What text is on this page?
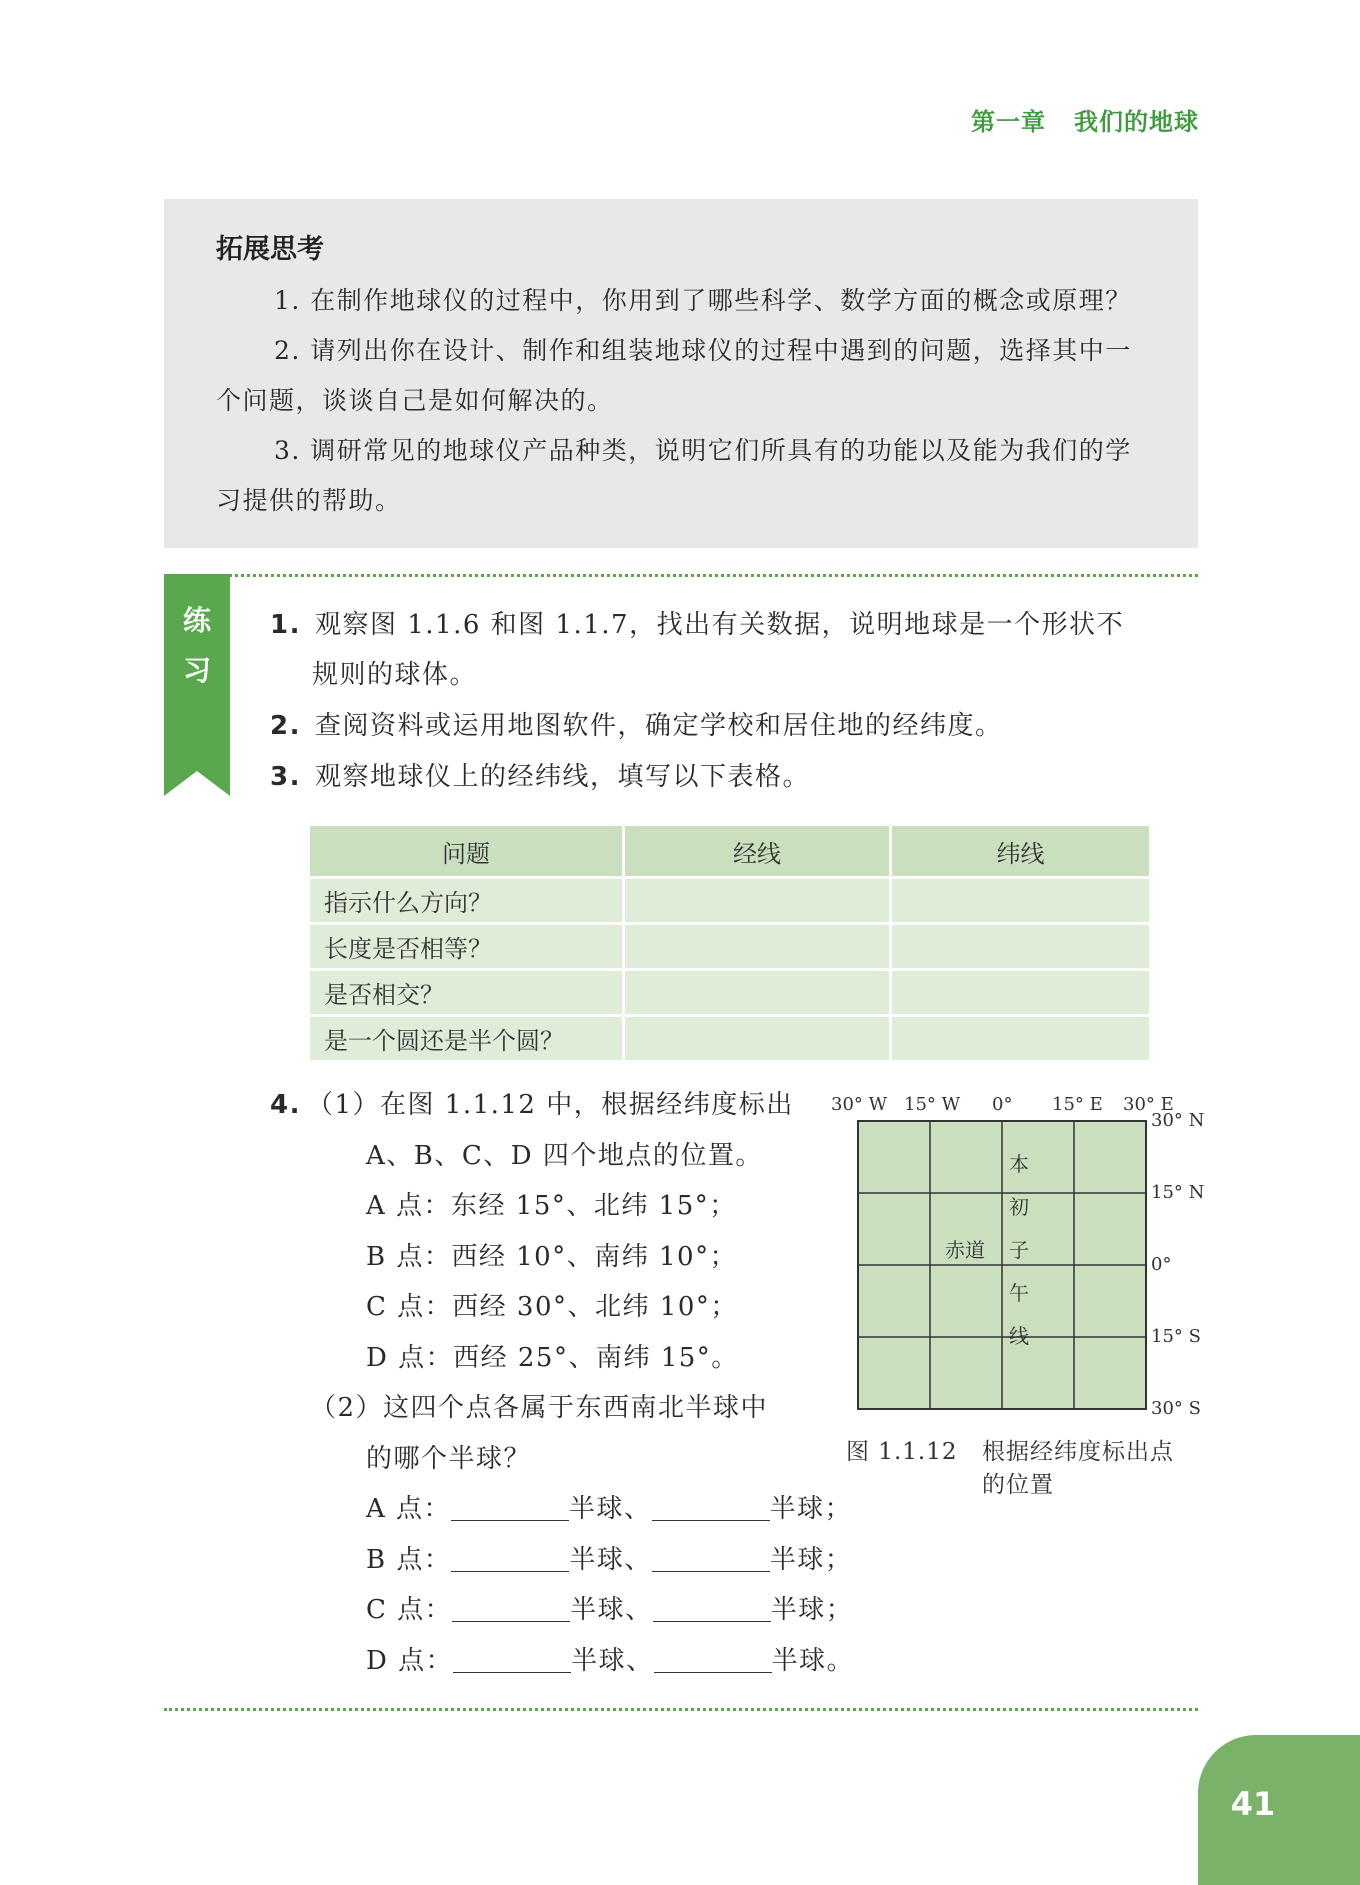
第一章 我们的地球
拓展思考
1. 在制作地球仪的过程中，你用到了哪些科学、数学方面的概念或原理？
2. 请列出你在设计、制作和组装地球仪的过程中遇到的问题，选择其中一个问题，谈谈自己是如何解决的。
3. 调研常见的地球仪产品种类，说明它们所具有的功能以及能为我们的学习提供的帮助。
练
习
1. 观察图 1.1.6 和图 1.1.7，找出有关数据，说明地球是一个形状不
规则的球体。
2. 查阅资料或运用地图软件，确定学校和居住地的经纬度。
3. 观察地球仪上的经纬线，填写以下表格。
问题	经线	纬线
指示什么方向？		
长度是否相等？		
是否相交？		
是一个圆还是半个圆？		
4. （1）在图 1.1.12 中，根据经纬度标出
A、B、C、D 四个地点的位置。
A 点：东经 15°、北纬 15°；
B 点：西经 10°、南纬 10°；
C 点：西经 30°、北纬 10°；
D 点：西经 25°、南纬 15°。
（2）这四个点各属于东西南北半球中
的哪个半球？
A 点：	半球、	半球；
B 点：	半球、	半球；
C 点：	半球、	半球；
D 点：	半球、	半球。
30° W 15° W 0° 15° E 30° E
30° N
15° N
0°
15° S
30° S
本
初
子
午
线
赤道
图 1.1.12 根据经纬度标出点的位置
41
